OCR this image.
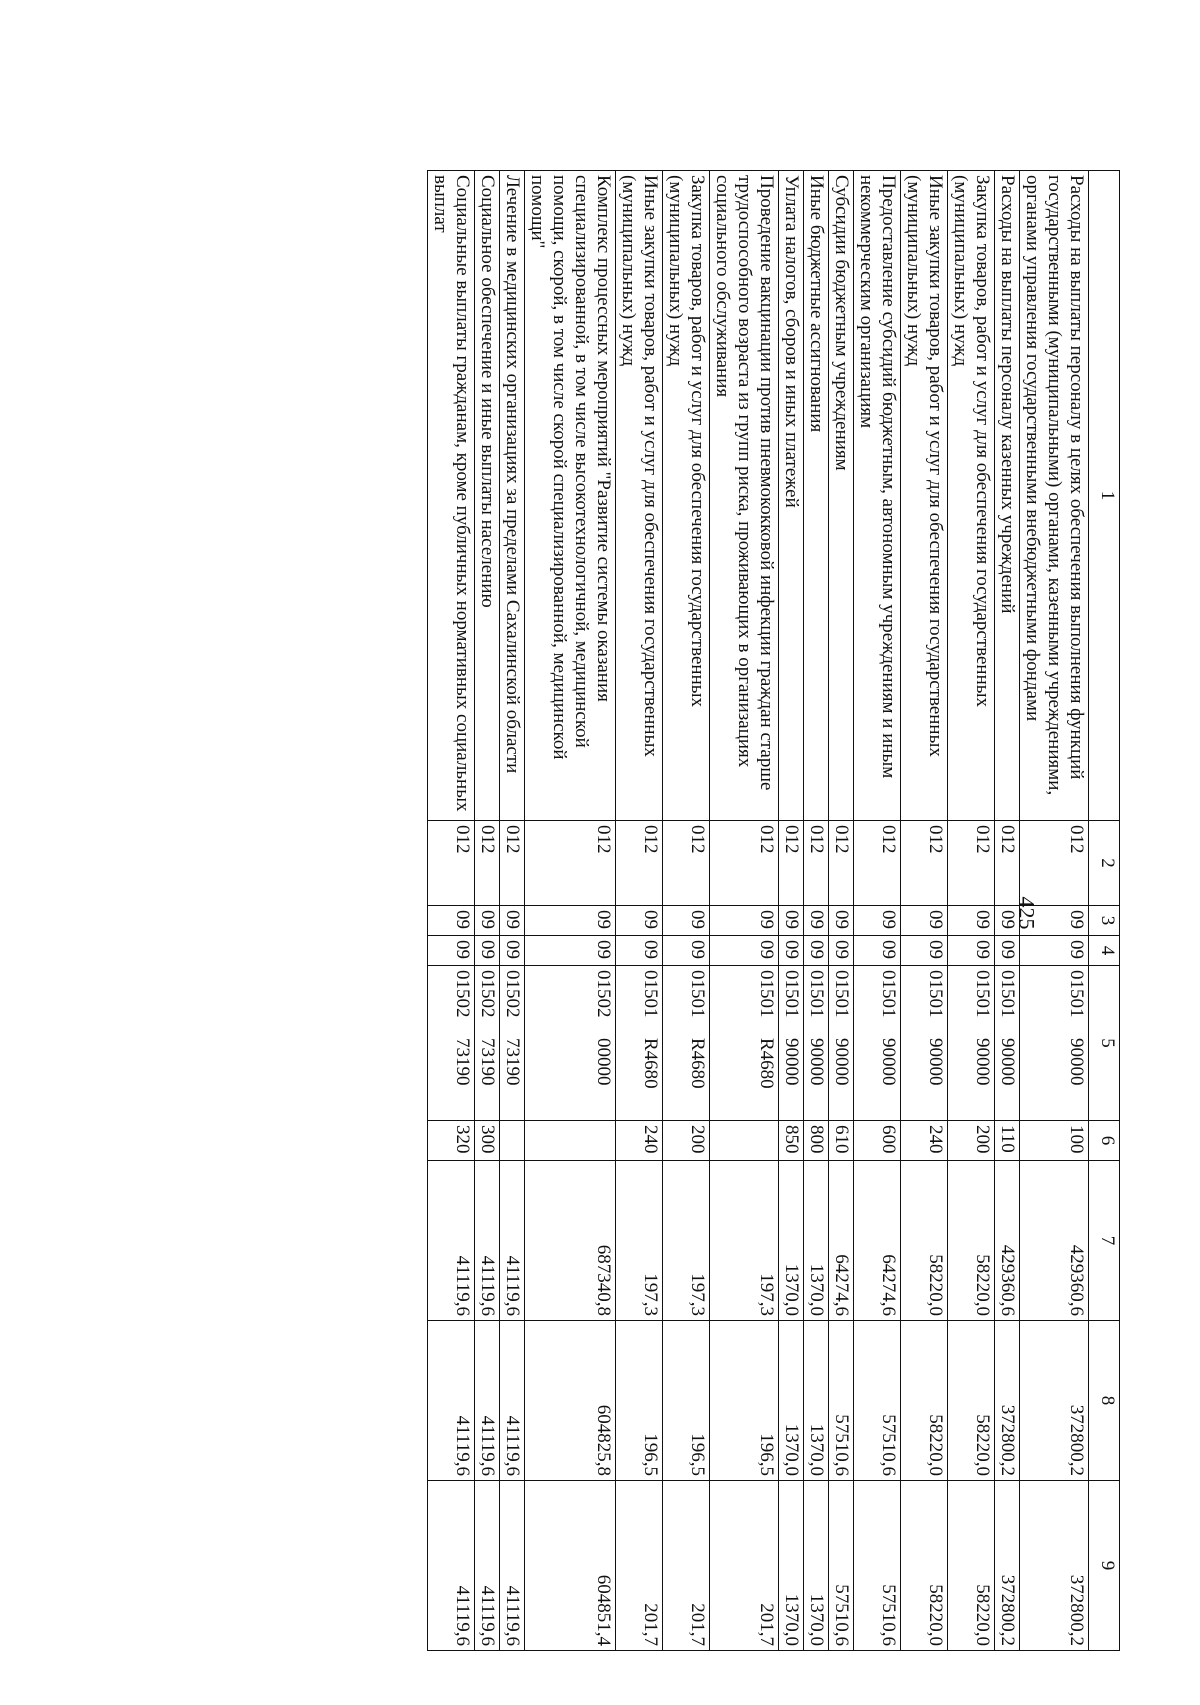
425
1	2	3	4	5	6	7	8	9
Расходы на выплаты персоналу в целях обеспечения выполнения функций государственными (муниципальными) органами, казенными учреждениями, органами управления государственными внебюджетными фондами	012	09	09	0150190000	100	429360,6	372800,2	372800,2
Расходы на выплаты персоналу казенных учреждений	012	09	09	0150190000	110	429360,6	372800,2	372800,2
Закупка товаров, работ и услуг для обеспечения государственных (муниципальных) нужд	012	09	09	0150190000	200	58220,0	58220,0	58220,0
Иные закупки товаров, работ и услуг для обеспечения государственных (муниципальных) нужд	012	09	09	0150190000	240	58220,0	58220,0	58220,0
Предоставление субсидий бюджетным, автономным учреждениям и иным некоммерческим организациям	012	09	09	0150190000	600	64274,6	57510,6	57510,6
Субсидии бюджетным учреждениям	012	09	09	0150190000	610	64274,6	57510,6	57510,6
Иные бюджетные ассигнования	012	09	09	0150190000	800	1370,0	1370,0	1370,0
Уплата налогов, сборов и иных платежей	012	09	09	0150190000	850	1370,0	1370,0	1370,0
Проведение вакцинации против пневмококковой инфекции граждан старше трудоспособного возраста из групп риска, проживающих в организациях социального обслуживания	012	09	09	01501R4680		197,3	196,5	201,7
Закупка товаров, работ и услуг для обеспечения государственных (муниципальных) нужд	012	09	09	01501R4680	200	197,3	196,5	201,7
Иные закупки товаров, работ и услуг для обеспечения государственных (муниципальных) нужд	012	09	09	01501R4680	240	197,3	196,5	201,7
Комплекс процессных мероприятий "Развитие системы оказания специализированной, в том числе высокотехнологичной, медицинской помощи, скорой, в том числе скорой специализированной, медицинской помощи"	012	09	09	0150200000		687340,8	604825,8	604851,4
Лечение в медицинских организациях за пределами Сахалинской области	012	09	09	0150273190		41119,6	41119,6	41119,6
Социальное обеспечение и иные выплаты населению	012	09	09	0150273190	300	41119,6	41119,6	41119,6
Социальные выплаты гражданам, кроме публичных нормативных социальных выплат	012	09	09	0150273190	320	41119,6	41119,6	41119,6
